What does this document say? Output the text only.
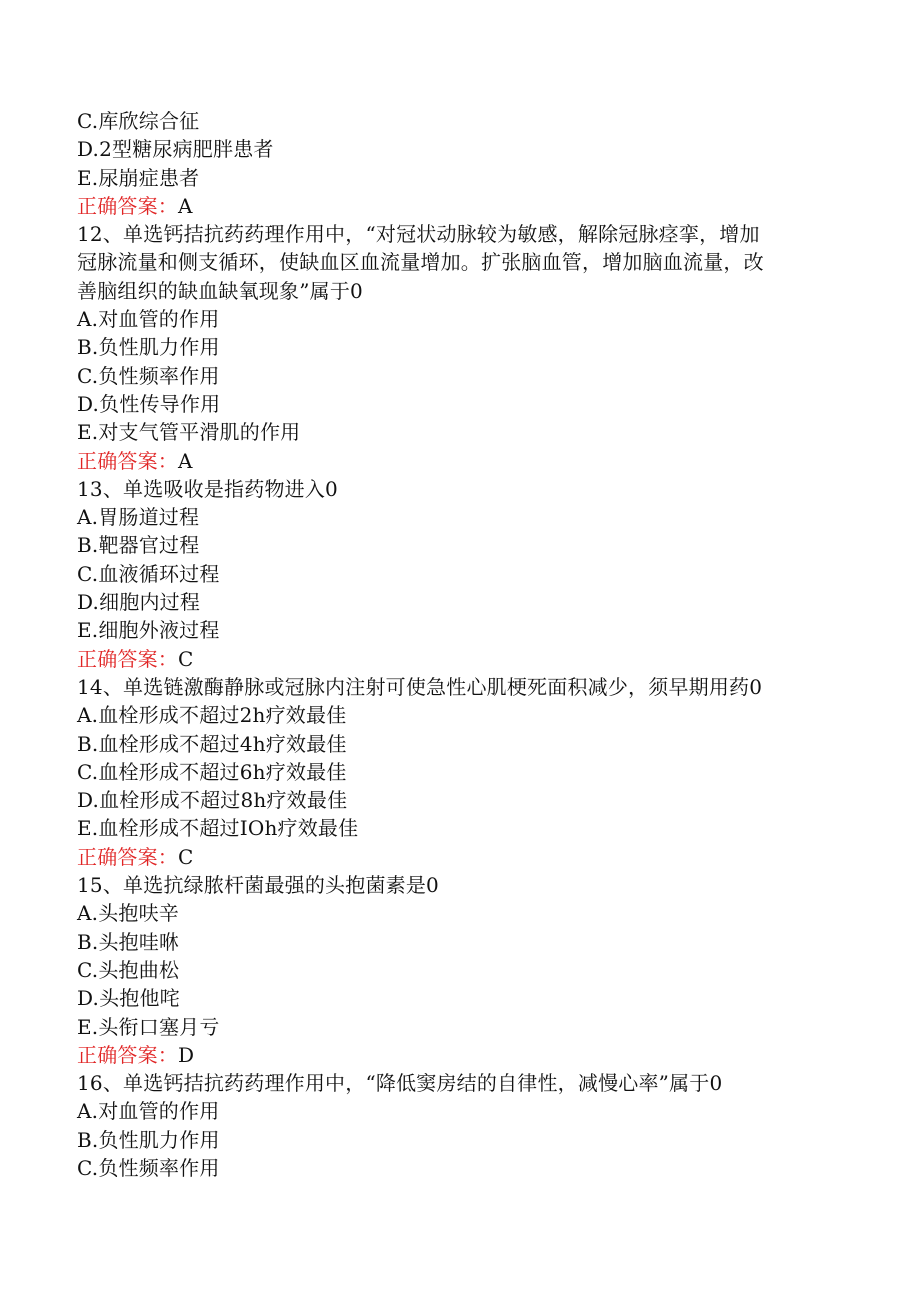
C.库欣综合征
D.2型糖尿病肥胖患者
E.尿崩症患者
正确答案：A
12、单选钙拮抗药药理作用中，“对冠状动脉较为敏感，解除冠脉痉挛，增加
冠脉流量和侧支循环，使缺血区血流量增加。扩张脑血管，增加脑血流量，改
善脑组织的缺血缺氧现象”属于0
A.对血管的作用
B.负性肌力作用
C.负性频率作用
D.负性传导作用
E.对支气管平滑肌的作用
正确答案：A
13、单选吸收是指药物进入0
A.胃肠道过程
B.靶器官过程
C.血液循环过程
D.细胞内过程
E.细胞外液过程
正确答案：C
14、单选链激酶静脉或冠脉内注射可使急性心肌梗死面积减少，须早期用药0
A.血栓形成不超过2h疗效最佳
B.血栓形成不超过4h疗效最佳
C.血栓形成不超过6h疗效最佳
D.血栓形成不超过8h疗效最佳
E.血栓形成不超过IOh疗效最佳
正确答案：C
15、单选抗绿脓杆菌最强的头抱菌素是0
A.头抱呋辛
B.头抱哇咻
C.头抱曲松
D.头抱他咤
E.头衔口塞月亏
正确答案：D
16、单选钙拮抗药药理作用中，“降低窦房结的自律性，减慢心率”属于0
A.对血管的作用
B.负性肌力作用
C.负性频率作用
